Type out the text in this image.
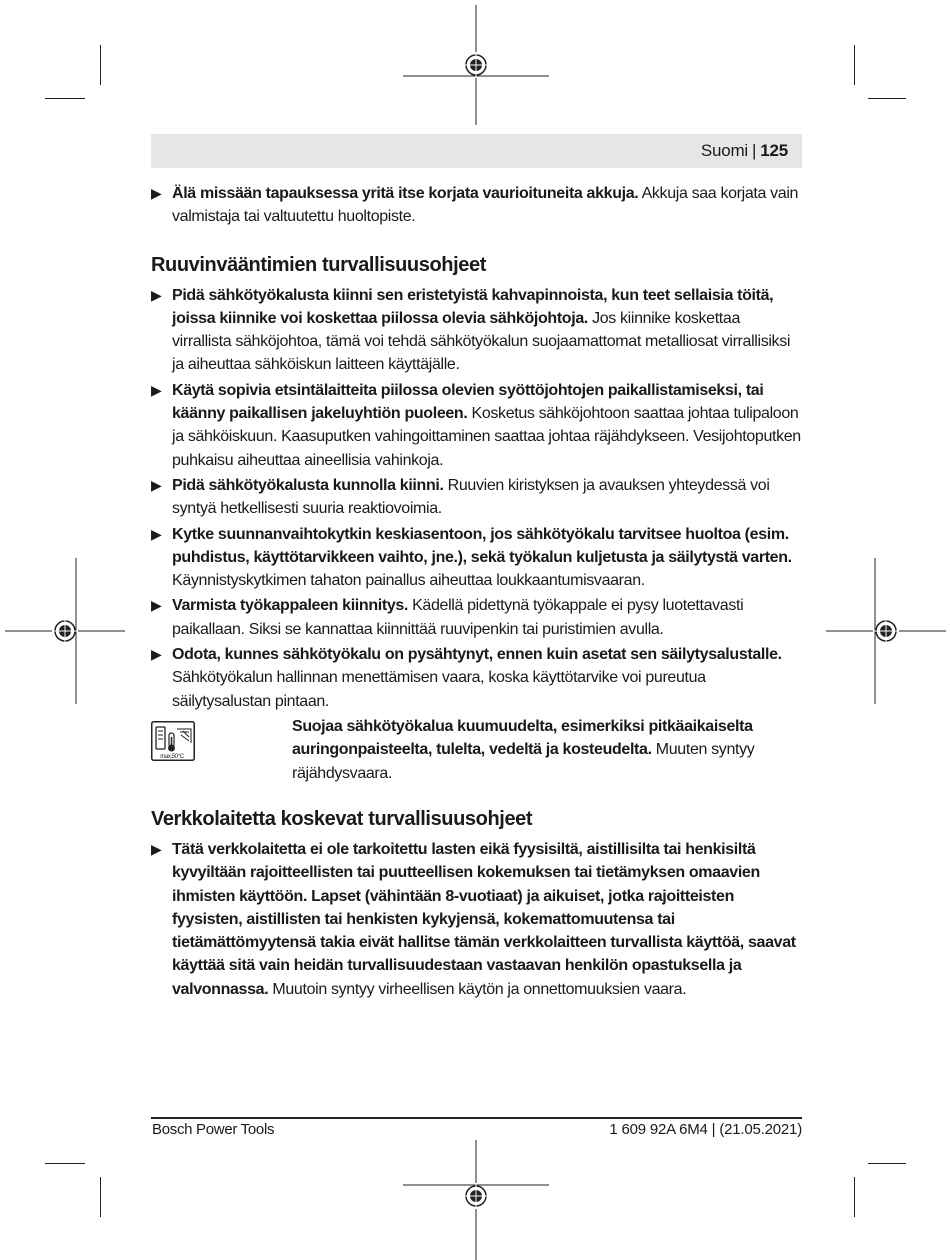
Suomi | 125
▶ Älä missään tapauksessa yritä itse korjata vaurioituneita akkuja. Akkuja saa korjata vain valmistaja tai valtuutettu huoltopiste.
Ruuvinvääntimien turvallisuusohjeet
▶ Pidä sähkötyökalusta kiinni sen eristetyistä kahvapinnoista, kun teet sellaisia töitä, joissa kiinnike voi koskettaa piilossa olevia sähköjohtoja. Jos kiinnike koskettaa virrallista sähköjohtoa, tämä voi tehdä sähkötyökalun suojaamattomat metalliosat virrallisiksi ja aiheuttaa sähköiskun laitteen käyttäjälle.
▶ Käytä sopivia etsintälaitteita piilossa olevien syöttöjohtojen paikallistamiseksi, tai käänny paikallisen jakeluyhtiön puoleen. Kosketus sähköjohtoon saattaa johtaa tulipaloon ja sähköiskuun. Kaasuputken vahingoittaminen saattaa johtaa räjähdykseen. Vesijohtoputken puhkaisu aiheuttaa aineellisia vahinkoja.
▶ Pidä sähkötyökalusta kunnolla kiinni. Ruuvien kiristyksen ja avauksen yhteydessä voi syntyä hetkellisesti suuria reaktiovoimia.
▶ Kytke suunnanvaihtokytkin keskiasentoon, jos sähkötyökalu tarvitsee huoltoa (esim. puhdistus, käyttötarvikkeen vaihto, jne.), sekä työkalun kuljetusta ja säilytystä varten. Käynnistyskytkimen tahaton painallus aiheuttaa loukkaantumisvaaran.
▶ Varmista työkappaleen kiinnitys. Kädellä pidettynä työkappale ei pysy luotettavasti paikallaan. Siksi se kannattaa kiinnittää ruuvipenkin tai puristimien avulla.
▶ Odota, kunnes sähkötyökalu on pysähtynyt, ennen kuin asetat sen säilytysalustalle. Sähkötyökalun hallinnan menettämisen vaara, koska käyttötarvike voi pureutua säilytysalustan pintaan.
max.50°C
Suojaa sähkötyökalua kuumuudelta, esimerkiksi pitkäaikaiselta auringonpaisteelta, tulelta, vedeltä ja kosteudelta. Muuten syntyy räjähdysvaara.
Verkkolaitetta koskevat turvallisuusohjeet
▶ Tätä verkkolaitetta ei ole tarkoitettu lasten eikä fyysisiltä, aistillisilta tai henkisiltä kyvyiltään rajoitteellisten tai puutteellisen kokemuksen tai tietämyksen omaavien ihmisten käyttöön. Lapset (vähintään 8-vuotiaat) ja aikuiset, jotka rajoitteisten fyysisten, aistillisten tai henkisten kykyjensä, kokemattomuutensa tai tietämättömyytensä takia eivät hallitse tämän verkkolaitteen turvallista käyttöä, saavat käyttää sitä vain heidän turvallisuudestaan vastaavan henkilön opastuksella ja valvonnassa. Muutoin syntyy virheellisen käytön ja onnettomuuksien vaara.
Bosch Power Tools	1 609 92A 6M4 | (21.05.2021)
